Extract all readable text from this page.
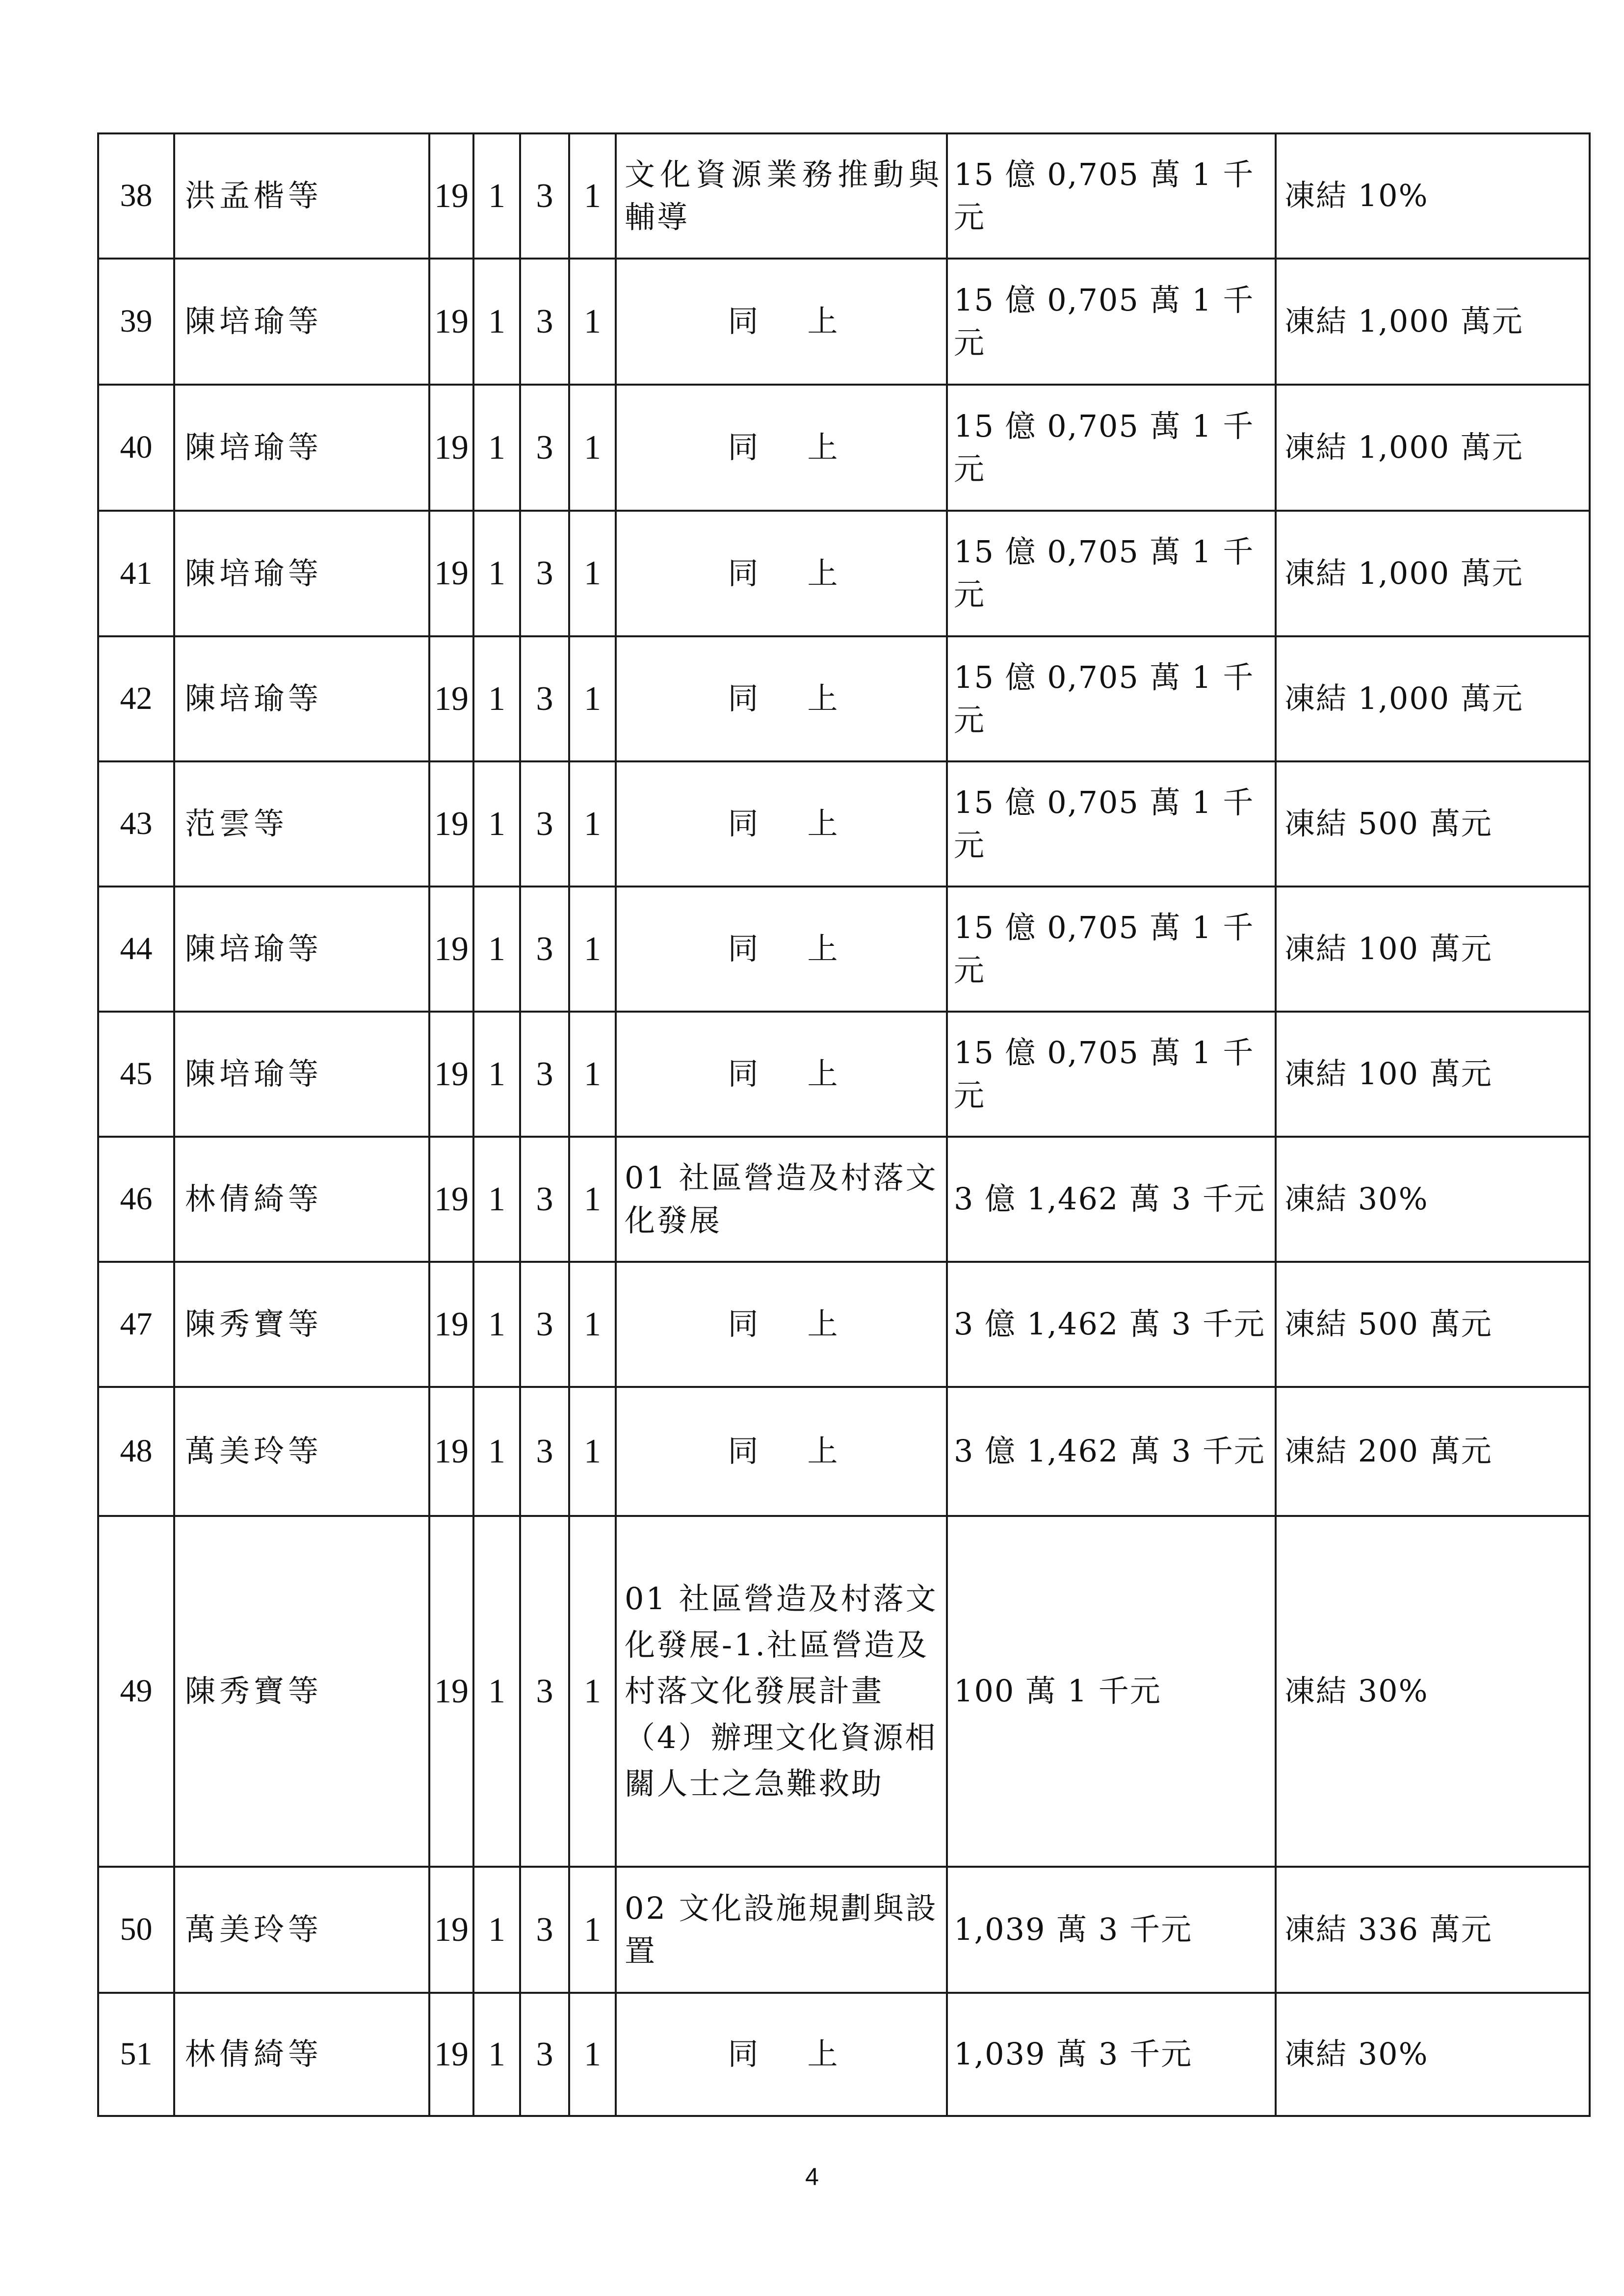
38	洪孟楷等	19	1	3	1	文化資源業務推動與輔導	15 億 0,705 萬 1 千元	凍結 10%
39	陳培瑜等	19	1	3	1	同上	15 億 0,705 萬 1 千元	凍結 1,000 萬元
40	陳培瑜等	19	1	3	1	同上	15 億 0,705 萬 1 千元	凍結 1,000 萬元
41	陳培瑜等	19	1	3	1	同上	15 億 0,705 萬 1 千元	凍結 1,000 萬元
42	陳培瑜等	19	1	3	1	同上	15 億 0,705 萬 1 千元	凍結 1,000 萬元
43	范雲等	19	1	3	1	同上	15 億 0,705 萬 1 千元	凍結 500 萬元
44	陳培瑜等	19	1	3	1	同上	15 億 0,705 萬 1 千元	凍結 100 萬元
45	陳培瑜等	19	1	3	1	同上	15 億 0,705 萬 1 千元	凍結 100 萬元
46	林倩綺等	19	1	3	1	01 社區營造及村落文化發展	3 億 1,462 萬 3 千元	凍結 30%
47	陳秀寶等	19	1	3	1	同上	3 億 1,462 萬 3 千元	凍結 500 萬元
48	萬美玲等	19	1	3	1	同上	3 億 1,462 萬 3 千元	凍結 200 萬元
49	陳秀寶等	19	1	3	1	01 社區營造及村落文化發展-1.社區營造及村落文化發展計畫（4）辦理文化資源相關人士之急難救助	100 萬 1 千元	凍結 30%
50	萬美玲等	19	1	3	1	02 文化設施規劃與設置	1,039 萬 3 千元	凍結 336 萬元
51	林倩綺等	19	1	3	1	同上	1,039 萬 3 千元	凍結 30%
4
